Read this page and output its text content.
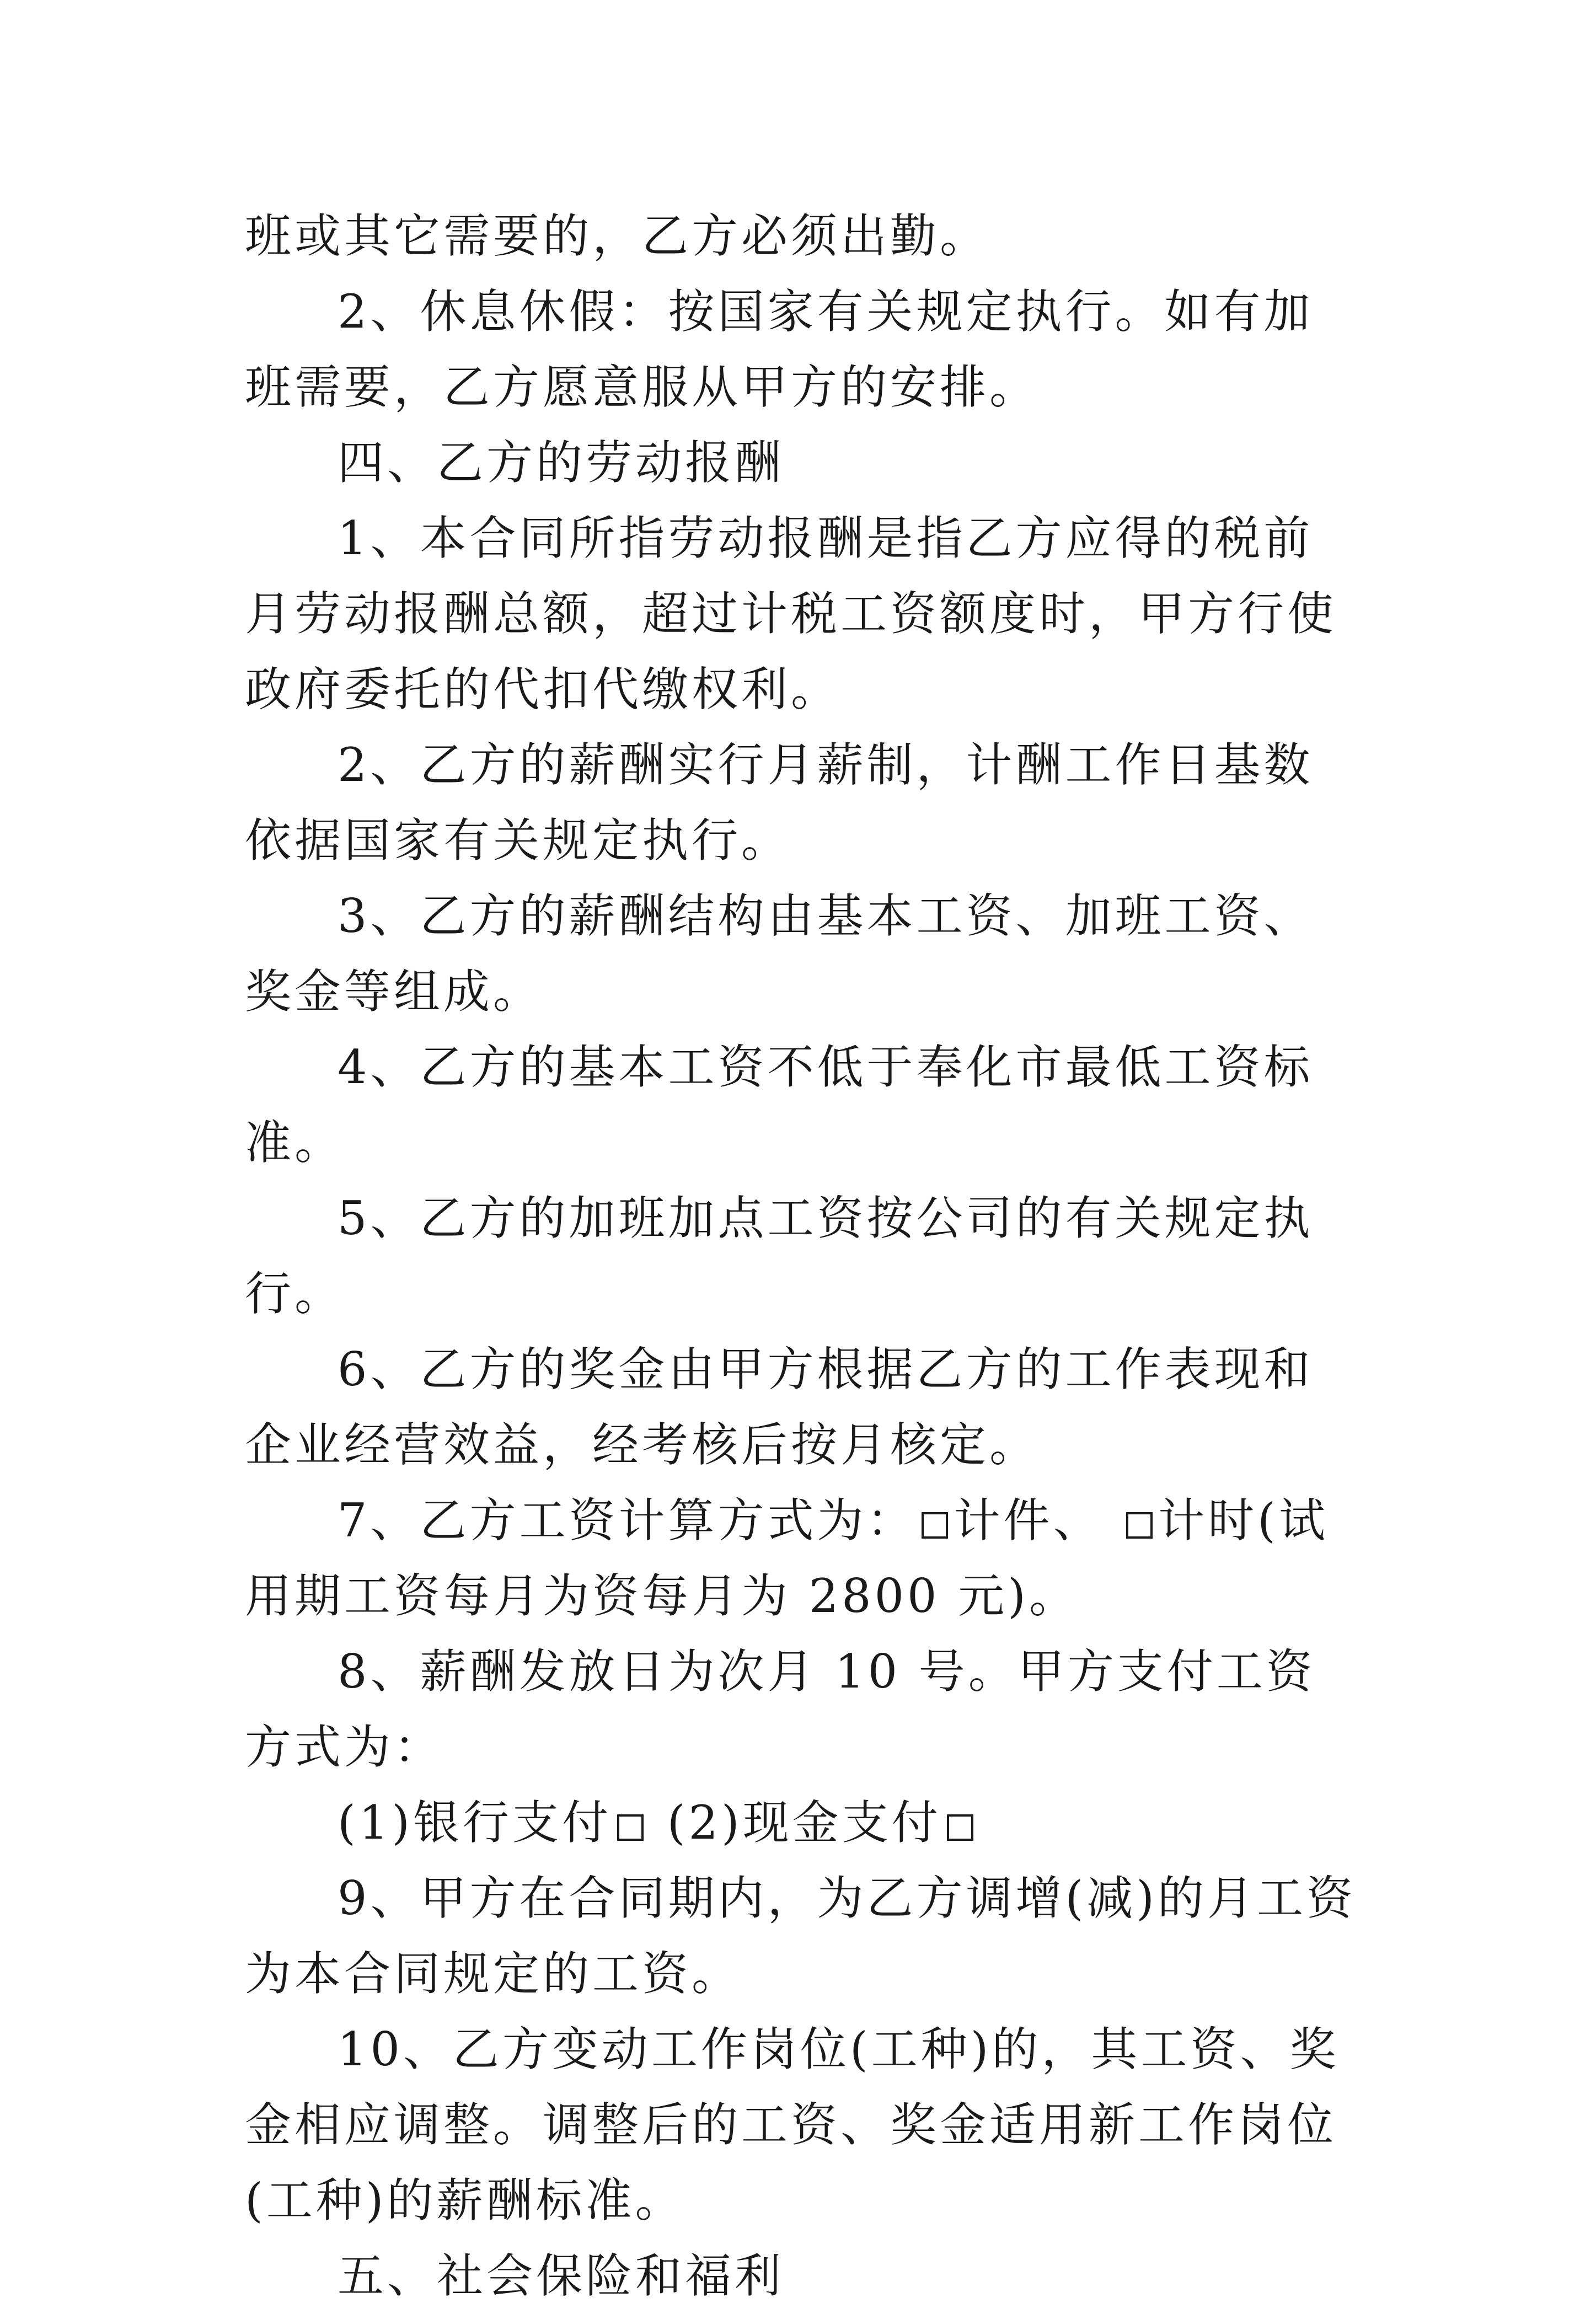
班或其它需要的，乙方必须出勤。

2、休息休假：按国家有关规定执行。如有加班需要，乙方愿意服从甲方的安排。

四、乙方的劳动报酬

1、本合同所指劳动报酬是指乙方应得的税前月劳动报酬总额，超过计税工资额度时，甲方行使政府委托的代扣代缴权利。

2、乙方的薪酬实行月薪制，计酬工作日基数依据国家有关规定执行。

3、乙方的薪酬结构由基本工资、加班工资、奖金等组成。

4、乙方的基本工资不低于奉化市最低工资标准。

5、乙方的加班加点工资按公司的有关规定执行。

6、乙方的奖金由甲方根据乙方的工作表现和企业经营效益，经考核后按月核定。

7、乙方工资计算方式为： 计件、 计时(试用期工资每月为资每月为 2800 元)。

8、薪酬发放日为次月 10 号。甲方支付工资方式为：

(1)银行支付 (2)现金支付

9、甲方在合同期内，为乙方调增(减)的月工资为本合同规定的工资。

10、乙方变动工作岗位(工种)的，其工资、奖金相应调整。调整后的工资、奖金适用新工作岗位(工种)的薪酬标准。

五、社会保险和福利
